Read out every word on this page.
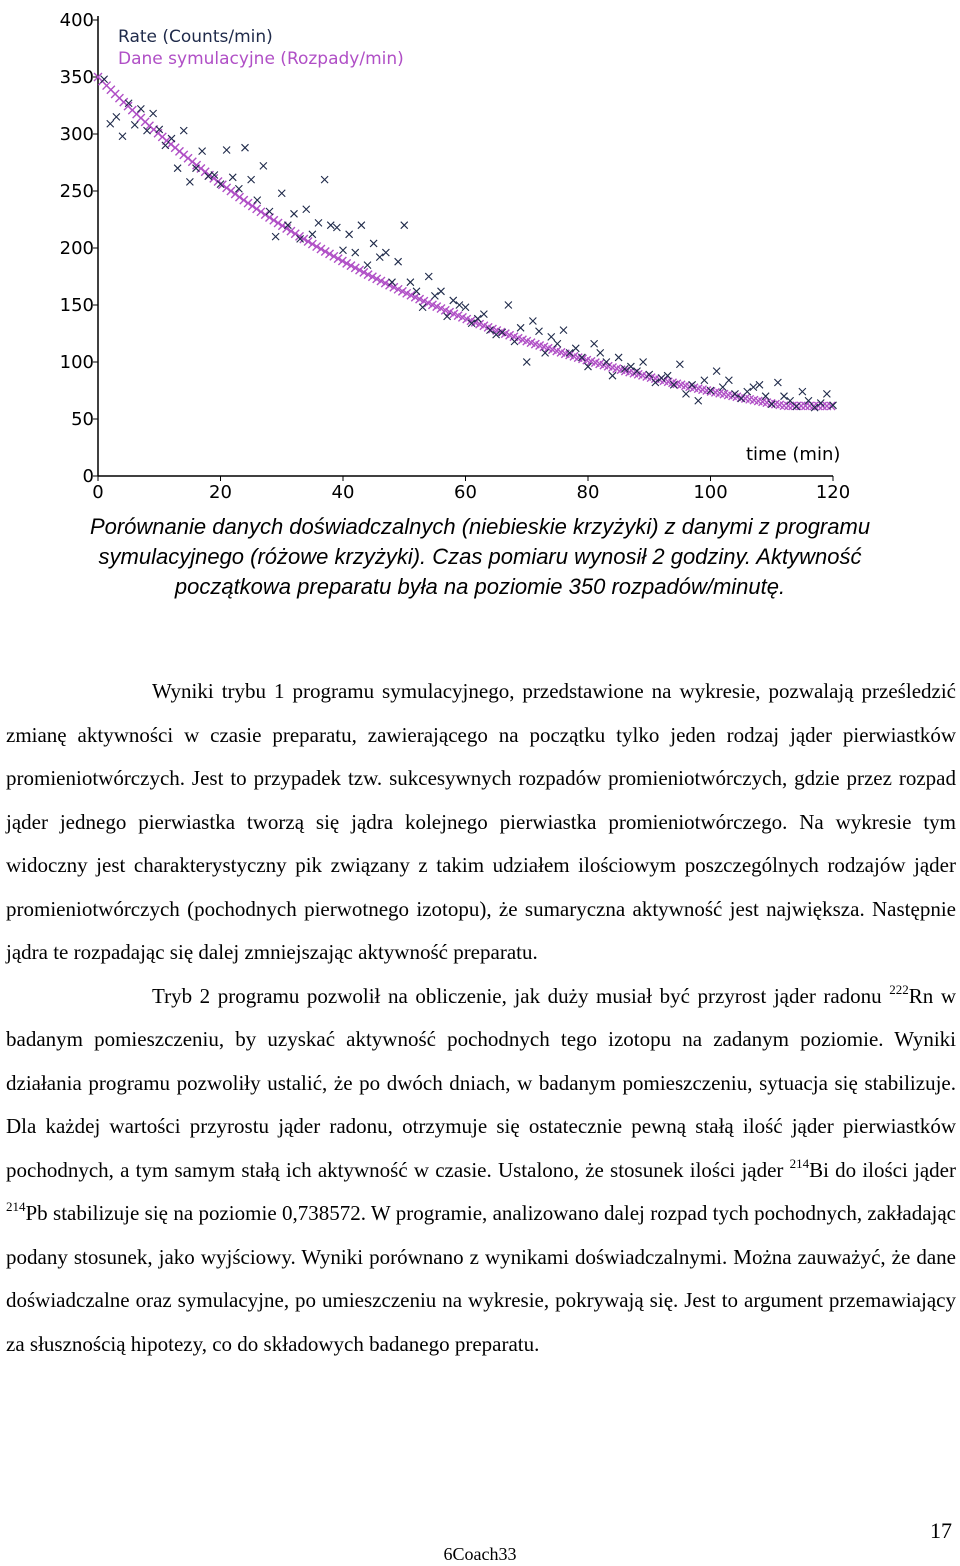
0	20	40	60	80	100	120
0
50
100
150
200
250
300
350
400
Rate (Counts/min)
Dane symulacyjne (Rozpady/min)
time (min)

Porównanie danych doświadczalnych (niebieskie krzyżyki) z danymi z programu

symulacyjnego (różowe krzyżyki). Czas pomiaru wynosił 2 godziny. Aktywność

początkowa preparatu była na poziomie 350 rozpadów/minutę.

Wyniki trybu 1 programu symulacyjnego, przedstawione na wykresie, pozwalają prześledzić zmianę aktywności w czasie preparatu, zawierającego na początku tylko jeden rodzaj jąder pierwiastków promieniotwórczych. Jest to przypadek tzw. sukcesywnych rozpadów promieniotwórczych, gdzie przez rozpad jąder jednego pierwiastka tworzą się jądra kolejnego pierwiastka promieniotwórczego. Na wykresie tym widoczny jest charakterystyczny pik związany z takim udziałem ilościowym poszczególnych rodzajów jąder promieniotwórczych (pochodnych pierwotnego izotopu), że sumaryczna aktywność jest największa. Następnie jądra te rozpadając się dalej zmniejszając aktywność preparatu.

Tryb 2 programu pozwolił na obliczenie, jak duży musiał być przyrost jąder radonu $^{222}$Rn w badanym pomieszczeniu, by uzyskać aktywność pochodnych tego izotopu na zadanym poziomie. Wyniki działania programu pozwoliły ustalić, że po dwóch dniach, w badanym pomieszczeniu, sytuacja się stabilizuje. Dla każdej wartości przyrostu jąder radonu, otrzymuje się ostatecznie pewną stałą ilość jąder pierwiastków pochodnych, a tym samym stałą ich aktywność w czasie. Ustalono, że stosunek ilości jąder $^{214}$Bi do ilości jąder $^{214}$Pb stabilizuje się na poziomie 0,738572. W programie, analizowano dalej rozpad tych pochodnych, zakładając podany stosunek, jako wyjściowy. Wyniki porównano z wynikami doświadczalnymi. Można zauważyć, że dane doświadczalne oraz symulacyjne, po umieszczeniu na wykresie, pokrywają się. Jest to argument przemawiający za słusznością hipotezy, co do składowych badanego preparatu.

17
6Coach33
